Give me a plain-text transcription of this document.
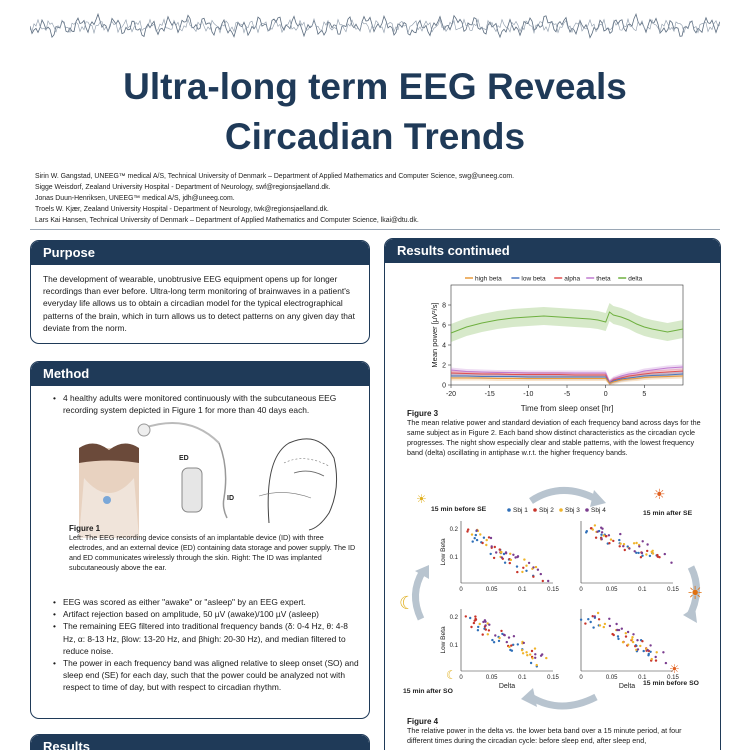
Ultra-long term EEG Reveals
Circadian Trends
Sirin W. Gangstad, UNEEG™ medical A/S, Technical University of Denmark – Department of Applied Mathematics and Computer Science, swg@uneeg.com.
Sigge Weisdorf, Zealand University Hospital - Department of Neurology, swf@regionsjaelland.dk.
Jonas Duun-Henriksen, UNEEG™ medical A/S, jdh@uneeg.com.
Troels W. Kjær, Zealand University Hospital - Department of Neurology, twk@regionsjaelland.dk.
Lars Kai Hansen, Technical University of Denmark – Department of Applied Mathematics and Computer Science, lkai@dtu.dk.
Purpose
The development of wearable, unobtrusive EEG equipment opens up for longer recordings than ever before. Ultra-long term monitoring of brainwaves in a patient's everyday life allows us to obtain a circadian model for the typical electrographical patterns of the brain, which in turn allows us to detect patterns on any given day that deviate from the norm.
Method
• 4 healthy adults were monitored continuously with the subcutaneous EEG recording system depicted in Figure 1 for more than 40 days each.
ED
ID
Figure 1
Left: The EEG recording device consists of an implantable device (ID) with three electrodes, and an external device (ED) containing data storage and power supply. The ID and ED communicates wirelessly through the skin. Right: The ID was implanted subcutaneously above the ear.
• EEG was scored as either "awake" or "asleep" by an EEG expert.
• Artifact rejection based on amplitude, 50 µV (awake)/100 µV (asleep)
• The remaining EEG filtered into traditional frequency bands (δ: 0-4 Hz, θ: 4-8 Hz, α: 8-13 Hz, βlow: 13-20 Hz, and βhigh: 20-30 Hz), and median filtered to reduce noise.
• The power in each frequency band was aligned relative to sleep onset (SO) and sleep end (SE) for each day, such that the power could be analyzed not with respect to time of day, but with respect to circadian rhythm.
Results
Results continued
high beta	low beta	alpha theta	delta
-20	-15	-10	-5	0	5
0
2
4
6
8
Time from sleep onset [hr]
Mean power [μV²/s]
Figure 3
The mean relative power and standard deviation of each frequency band across days for the same subject as in Figure 2. Each band show distinct characteristics as the circadian cycle progresses. The night show especially clear and stable patterns, with the lowest frequency band (delta) oscillating in antiphase w.r.t. the higher frequency bands.
☀
15 min before SE
☀
15 min after SE
☾	☀
15 min before SO
☀
15 min after SO
☾
Sbj 1 Sbj 2 Sbj 3 Sbj 4
0	0.05	0.1	0.15
0.2
0.1
Low Beta
0	0.05	0.1	0.15
0	0.05	0.1	0.15
0.2
0.1
Low Beta
Delta
0	0.05	0.1	0.15
Delta
Figure 4
The relative power in the delta vs. the lower beta band over a 15 minute period, at four different times during the circadian cycle: before sleep end, after sleep end,
